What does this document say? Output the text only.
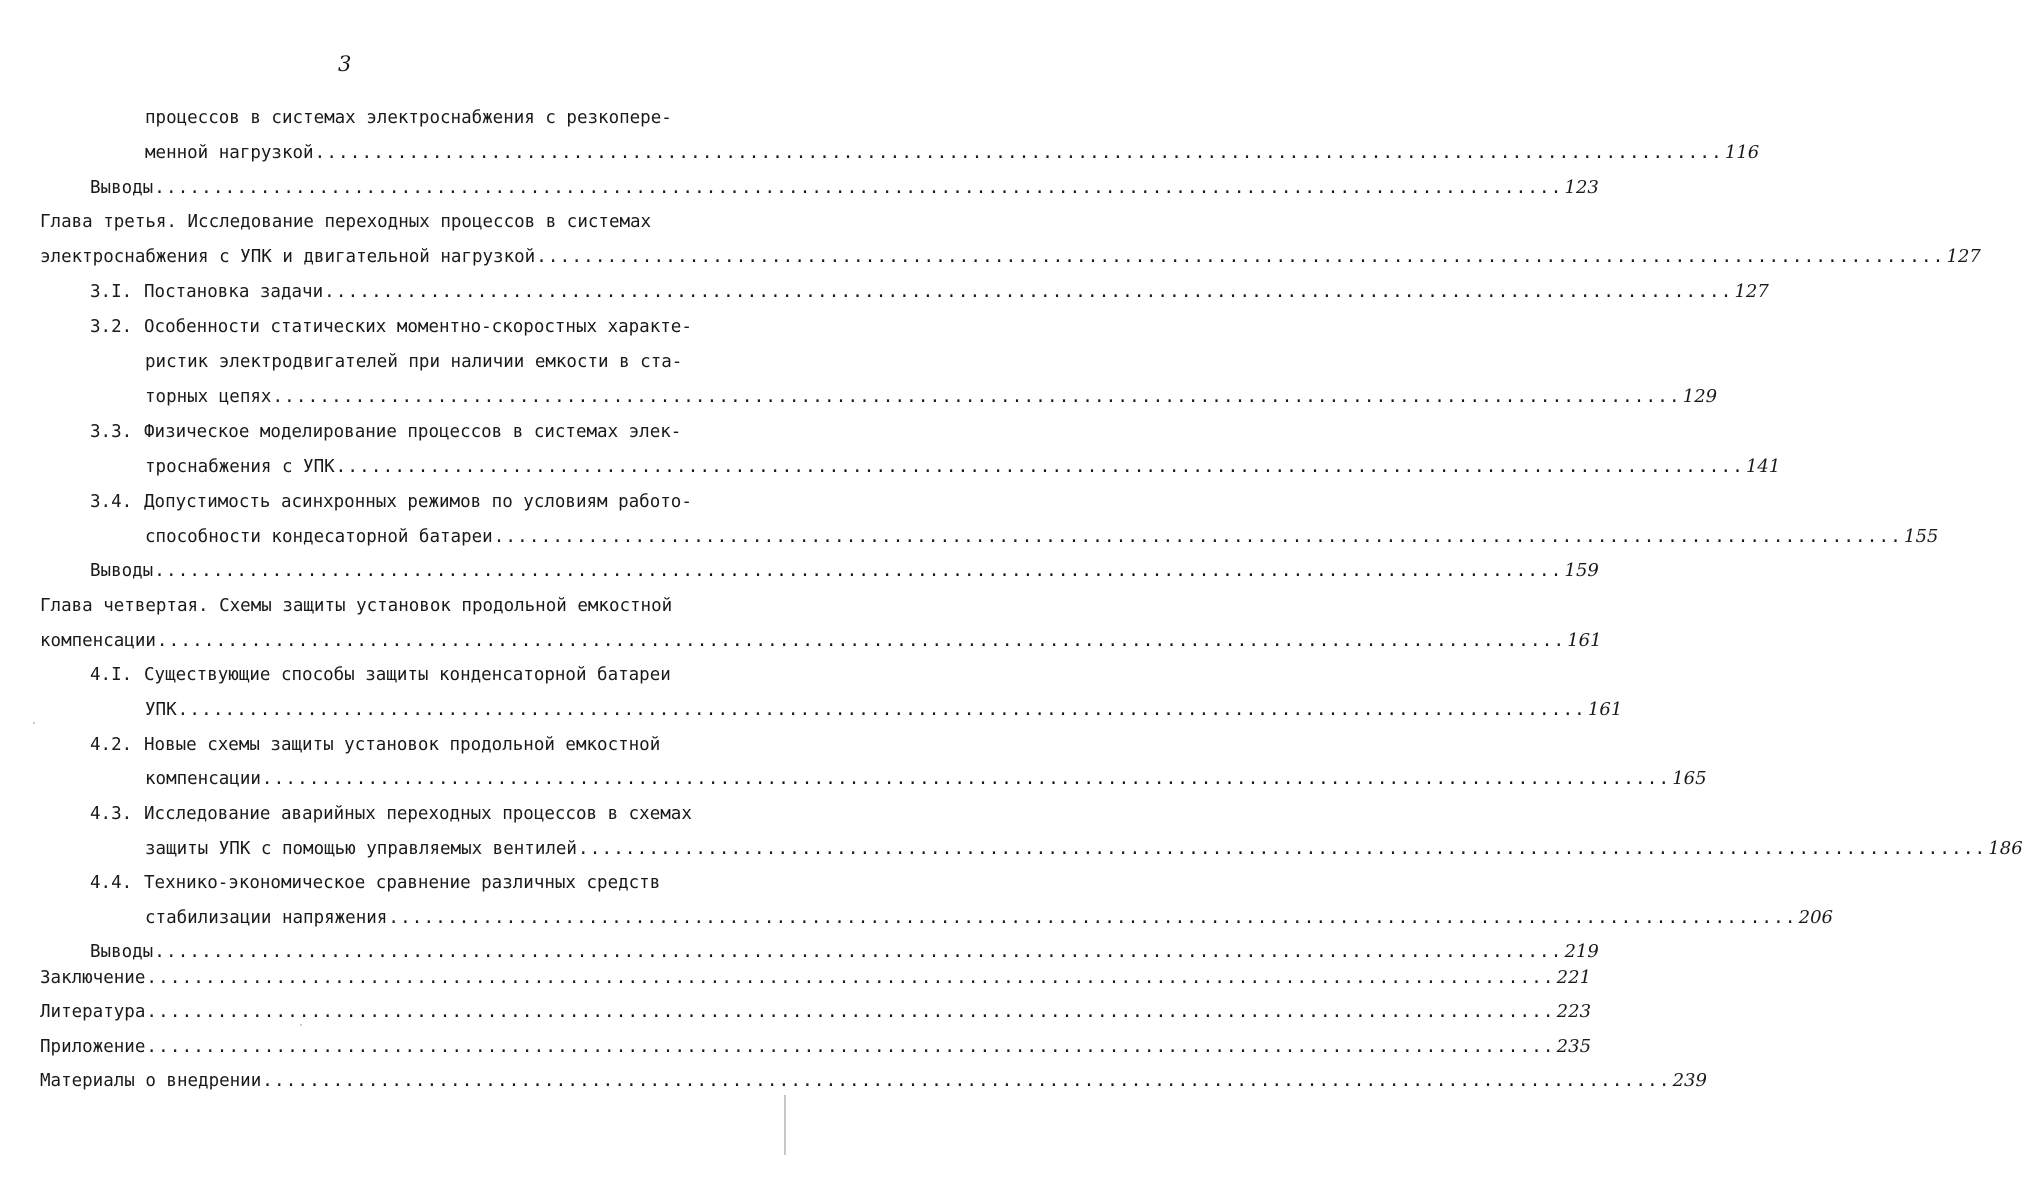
3
процессов в системах электроснабжения с резкопере-
менной нагрузкой ........................................................................................................................ 116
Выводы ........................................................................................................................ 123
Глава третья. Исследование переходных процессов в системах
электроснабжения с УПК и двигательной нагрузкой ........................................................................................................................ 127
3.I. Постановка задачи ........................................................................................................................ 127
3.2. Особенности статических моментно-скоростных характе-
ристик электродвигателей при наличии емкости в ста-
торных цепях ........................................................................................................................ 129
3.3. Физическое моделирование процессов в системах элек-
троснабжения с УПК ........................................................................................................................ 141
3.4. Допустимость асинхронных режимов по условиям работо-
способности кондесаторной батареи ........................................................................................................................ 155
Выводы ........................................................................................................................ 159
Глава четвертая. Схемы защиты установок продольной емкостной
компенсации ........................................................................................................................ 161
4.I. Существующие способы защиты конденсаторной батареи
УПК ........................................................................................................................ 161
4.2. Новые схемы защиты установок продольной емкостной
компенсации ........................................................................................................................ 165
4.3. Исследование аварийных переходных процессов в схемах
защиты УПК с помощью управляемых вентилей ........................................................................................................................ 186
4.4. Технико-экономическое сравнение различных средств
стабилизации напряжения ........................................................................................................................ 206
Выводы ........................................................................................................................ 219
Заключение ........................................................................................................................ 221
Литература ........................................................................................................................ 223
Приложение ........................................................................................................................ 235
Материалы о внедрении ........................................................................................................................ 239
